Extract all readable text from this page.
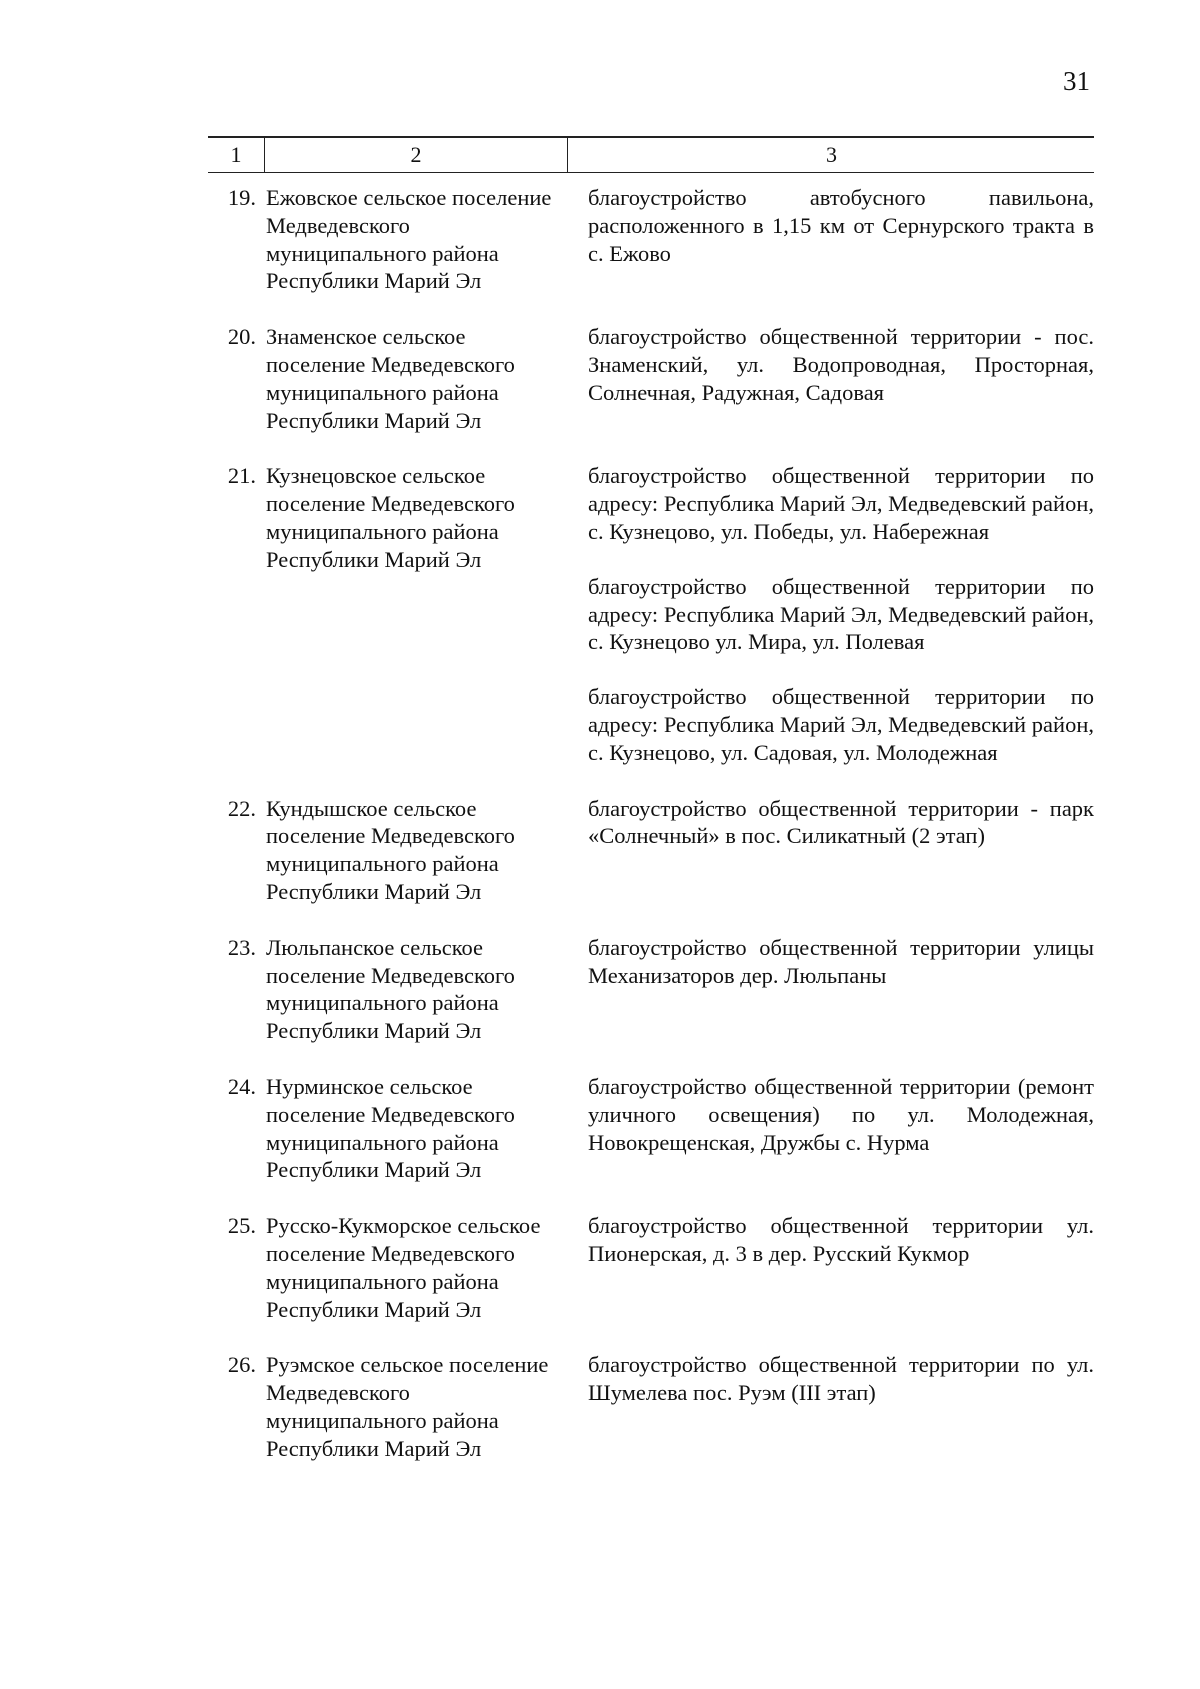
31
1	2	3
19. Ежовское сельское поселение Медведевского муниципального района Республики Марий Эл
благоустройство автобусного павильона, расположенного в 1,15 км от Сернурского тракта в с. Ежово
20. Знаменское сельское поселение Медведевского муниципального района Республики Марий Эл
благоустройство общественной территории - пос. Знаменский, ул. Водопроводная, Просторная, Солнечная, Радужная, Садовая
21. Кузнецовское сельское поселение Медведевского муниципального района Республики Марий Эл
благоустройство общественной территории по адресу: Республика Марий Эл, Медведевский район, с. Кузнецово, ул. Победы, ул. Набережная
благоустройство общественной территории по адресу: Республика Марий Эл, Медведевский район, с. Кузнецово ул. Мира, ул. Полевая
благоустройство общественной территории по адресу: Республика Марий Эл, Медведевский район, с. Кузнецово, ул. Садовая, ул. Молодежная
22. Кундышское сельское поселение Медведевского муниципального района Республики Марий Эл
благоустройство общественной территории - парк «Солнечный» в пос. Силикатный (2 этап)
23. Люльпанское сельское поселение Медведевского муниципального района Республики Марий Эл
благоустройство общественной территории улицы Механизаторов дер. Люльпаны
24. Нурминское сельское поселение Медведевского муниципального района Республики Марий Эл
благоустройство общественной территории (ремонт уличного освещения) по ул. Молодежная, Новокрещенская, Дружбы с. Нурма
25. Русско-Кукморское сельское поселение Медведевского муниципального района Республики Марий Эл
благоустройство общественной территории ул. Пионерская, д. 3 в дер. Русский Кукмор
26. Руэмское сельское поселение Медведевского муниципального района Республики Марий Эл
благоустройство общественной территории по ул. Шумелева пос. Руэм (III этап)
